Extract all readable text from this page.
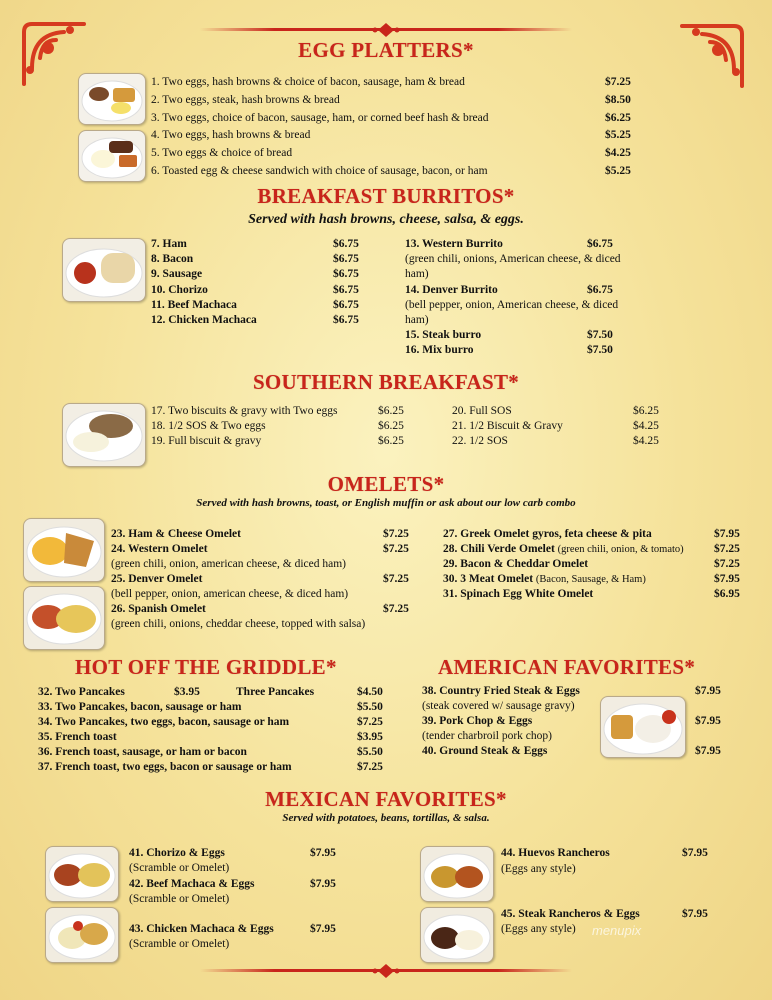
EGG PLATTERS*
1. Two eggs, hash browns & choice of bacon, sausage, ham & bread	$7.25
2. Two eggs, steak, hash browns & bread	$8.50
3. Two eggs, choice of bacon, sausage, ham, or corned beef hash & bread	$6.25
4. Two eggs, hash browns & bread	$5.25
5. Two eggs & choice of bread	$4.25
6. Toasted egg & cheese sandwich with choice of sausage, bacon, or ham	$5.25
BREAKFAST BURRITOS*
Served with hash browns, cheese, salsa, & eggs.
7. Ham	$6.75
8. Bacon	$6.75
9. Sausage	$6.75
10. Chorizo	$6.75
11. Beef Machaca	$6.75
12. Chicken Machaca	$6.75
13. Western Burrito	$6.75
(green chili, onions, American cheese, & diced
ham)
14. Denver Burrito	$6.75
(bell pepper, onion, American cheese, & diced
ham)
15. Steak burro	$7.50
16. Mix burro	$7.50
SOUTHERN BREAKFAST*
17. Two biscuits & gravy with Two eggs	$6.25
18. 1/2 SOS & Two eggs	$6.25
19. Full biscuit & gravy	$6.25
20. Full SOS	$6.25
21. 1/2 Biscuit & Gravy	$4.25
22. 1/2 SOS	$4.25
OMELETS*
Served with hash browns, toast, or English muffin or ask about our low carb combo
23. Ham & Cheese Omelet	$7.25
24. Western Omelet	$7.25
(green chili, onion, american cheese, & diced ham)
25. Denver Omelet	$7.25
(bell pepper, onion, american cheese, & diced ham)
26. Spanish Omelet	$7.25
(green chili, onions, cheddar cheese, topped with salsa)
27. Greek Omelet gyros, feta cheese & pita	$7.95
28. Chili Verde Omelet (green chili, onion, & tomato)	$7.25
29. Bacon & Cheddar Omelet	$7.25
30. 3 Meat Omelet (Bacon, Sausage, & Ham)	$7.95
31. Spinach Egg White Omelet	$6.95
HOT OFF THE GRIDDLE*
32. Two Pancakes	$3.95	Three Pancakes	$4.50
33. Two Pancakes, bacon, sausage or ham	$5.50
34. Two Pancakes, two eggs, bacon, sausage or ham	$7.25
35. French toast	$3.95
36. French toast, sausage, or ham or bacon	$5.50
37. French toast, two eggs, bacon or sausage or ham	$7.25
AMERICAN FAVORITES*
38. Country Fried Steak & Eggs	$7.95
(steak covered w/ sausage gravy)
39. Pork Chop & Eggs	$7.95
(tender charbroil pork chop)
40. Ground Steak & Eggs	$7.95
MEXICAN FAVORITES*
Served with potatoes, beans, tortillas, & salsa.
41. Chorizo & Eggs	$7.95
(Scramble or Omelet)
42. Beef Machaca & Eggs	$7.95
(Scramble or Omelet)
43. Chicken Machaca & Eggs	$7.95
(Scramble or Omelet)
44. Huevos Rancheros	$7.95
(Eggs any style)
45. Steak Rancheros & Eggs	$7.95
(Eggs any style) menupix
